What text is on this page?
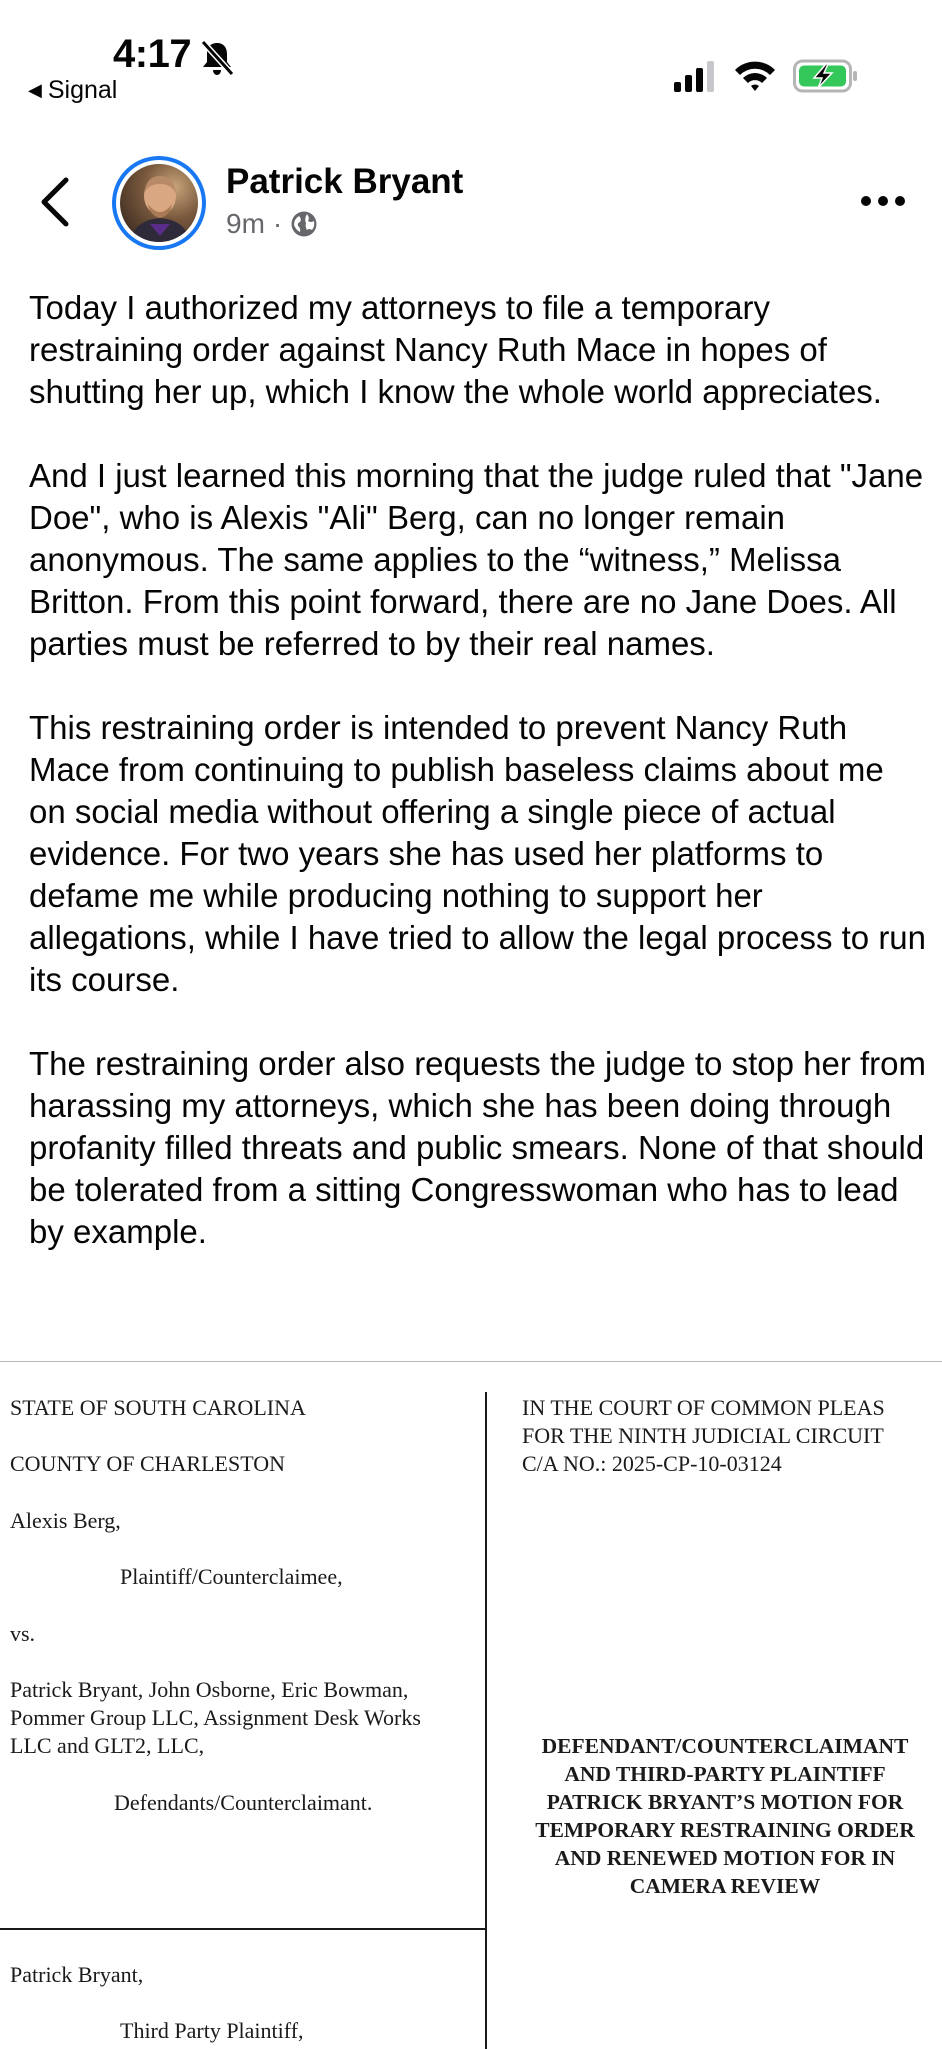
4:17
◀ Signal
Patrick Bryant
9m ·

Today I authorized my attorneys to file a temporary restraining order against Nancy Ruth Mace in hopes of shutting her up, which I know the whole world appreciates.

And I just learned this morning that the judge ruled that "Jane Doe", who is Alexis "Ali" Berg, can no longer remain anonymous. The same applies to the “witness,” Melissa Britton. From this point forward, there are no Jane Does. All parties must be referred to by their real names.

This restraining order is intended to prevent Nancy Ruth Mace from continuing to publish baseless claims about me on social media without offering a single piece of actual evidence. For two years she has used her platforms to defame me while producing nothing to support her allegations, while I have tried to allow the legal process to run its course.

The restraining order also requests the judge to stop her from harassing my attorneys, which she has been doing through profanity filled threats and public smears. None of that should be tolerated from a sitting Congresswoman who has to lead by example.

STATE OF SOUTH CAROLINA
COUNTY OF CHARLESTON
Alexis Berg,
Plaintiff/Counterclaimee,
vs.
Patrick Bryant, John Osborne, Eric Bowman,
Pommer Group LLC, Assignment Desk Works
LLC and GLT2, LLC,
Defendants/Counterclaimant.
Patrick Bryant,
Third Party Plaintiff,
IN THE COURT OF COMMON PLEAS
FOR THE NINTH JUDICIAL CIRCUIT
C/A NO.: 2025-CP-10-03124
DEFENDANT/COUNTERCLAIMANT
AND THIRD-PARTY PLAINTIFF
PATRICK BRYANT’S MOTION FOR
TEMPORARY RESTRAINING ORDER
AND RENEWED MOTION FOR IN
CAMERA REVIEW
